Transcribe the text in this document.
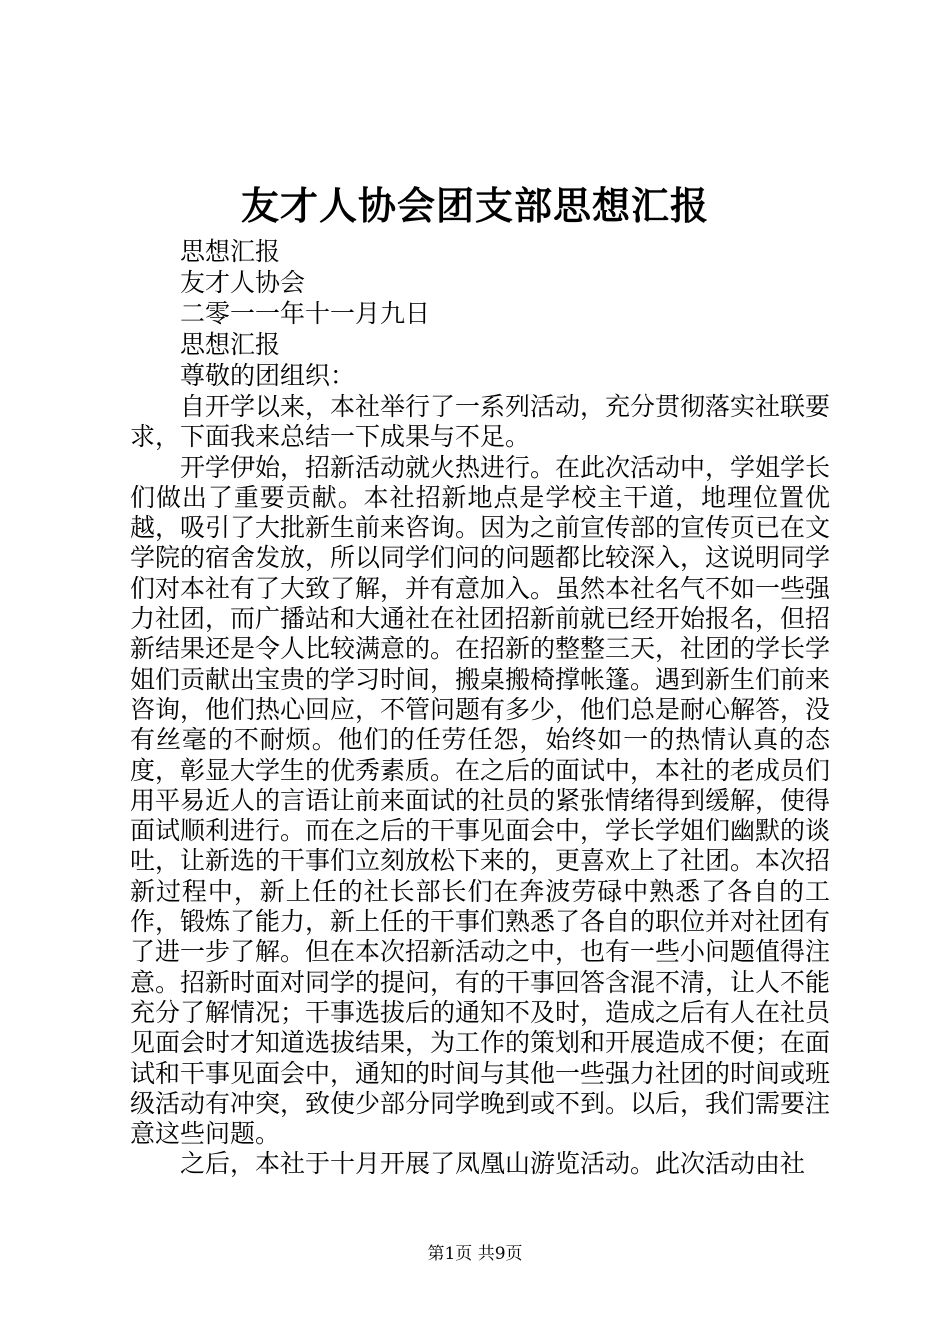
友才人协会团支部思想汇报
思想汇报
友才人协会
二零一一年十一月九日
思想汇报
尊敬的团组织：

自开学以来，本社举行了一系列活动，充分贯彻落实社联要求，下面我来总结一下成果与不足。

开学伊始，招新活动就火热进行。在此次活动中，学姐学长们做出了重要贡献。本社招新地点是学校主干道，地理位置优越，吸引了大批新生前来咨询。因为之前宣传部的宣传页已在文学院的宿舍发放，所以同学们问的问题都比较深入，这说明同学们对本社有了大致了解，并有意加入。虽然本社名气不如一些强力社团，而广播站和大通社在社团招新前就已经开始报名，但招新结果还是令人比较满意的。在招新的整整三天，社团的学长学姐们贡献出宝贵的学习时间，搬桌搬椅撑帐篷。遇到新生们前来咨询，他们热心回应，不管问题有多少，他们总是耐心解答，没有丝毫的不耐烦。他们的任劳任怨，始终如一的热情认真的态度，彰显大学生的优秀素质。在之后的面试中，本社的老成员们用平易近人的言语让前来面试的社员的紧张情绪得到缓解，使得面试顺利进行。而在之后的干事见面会中，学长学姐们幽默的谈吐，让新选的干事们立刻放松下来的，更喜欢上了社团。本次招新过程中，新上任的社长部长们在奔波劳碌中熟悉了各自的工作，锻炼了能力，新上任的干事们熟悉了各自的职位并对社团有了进一步了解。但在本次招新活动之中，也有一些小问题值得注意。招新时面对同学的提问，有的干事回答含混不清，让人不能充分了解情况；干事选拔后的通知不及时，造成之后有人在社员见面会时才知道选拔结果，为工作的策划和开展造成不便；在面试和干事见面会中，通知的时间与其他一些强力社团的时间或班级活动有冲突，致使少部分同学晚到或不到。以后，我们需要注意这些问题。

之后，本社于十月开展了凤凰山游览活动。此次活动由社

第1页 共9页
